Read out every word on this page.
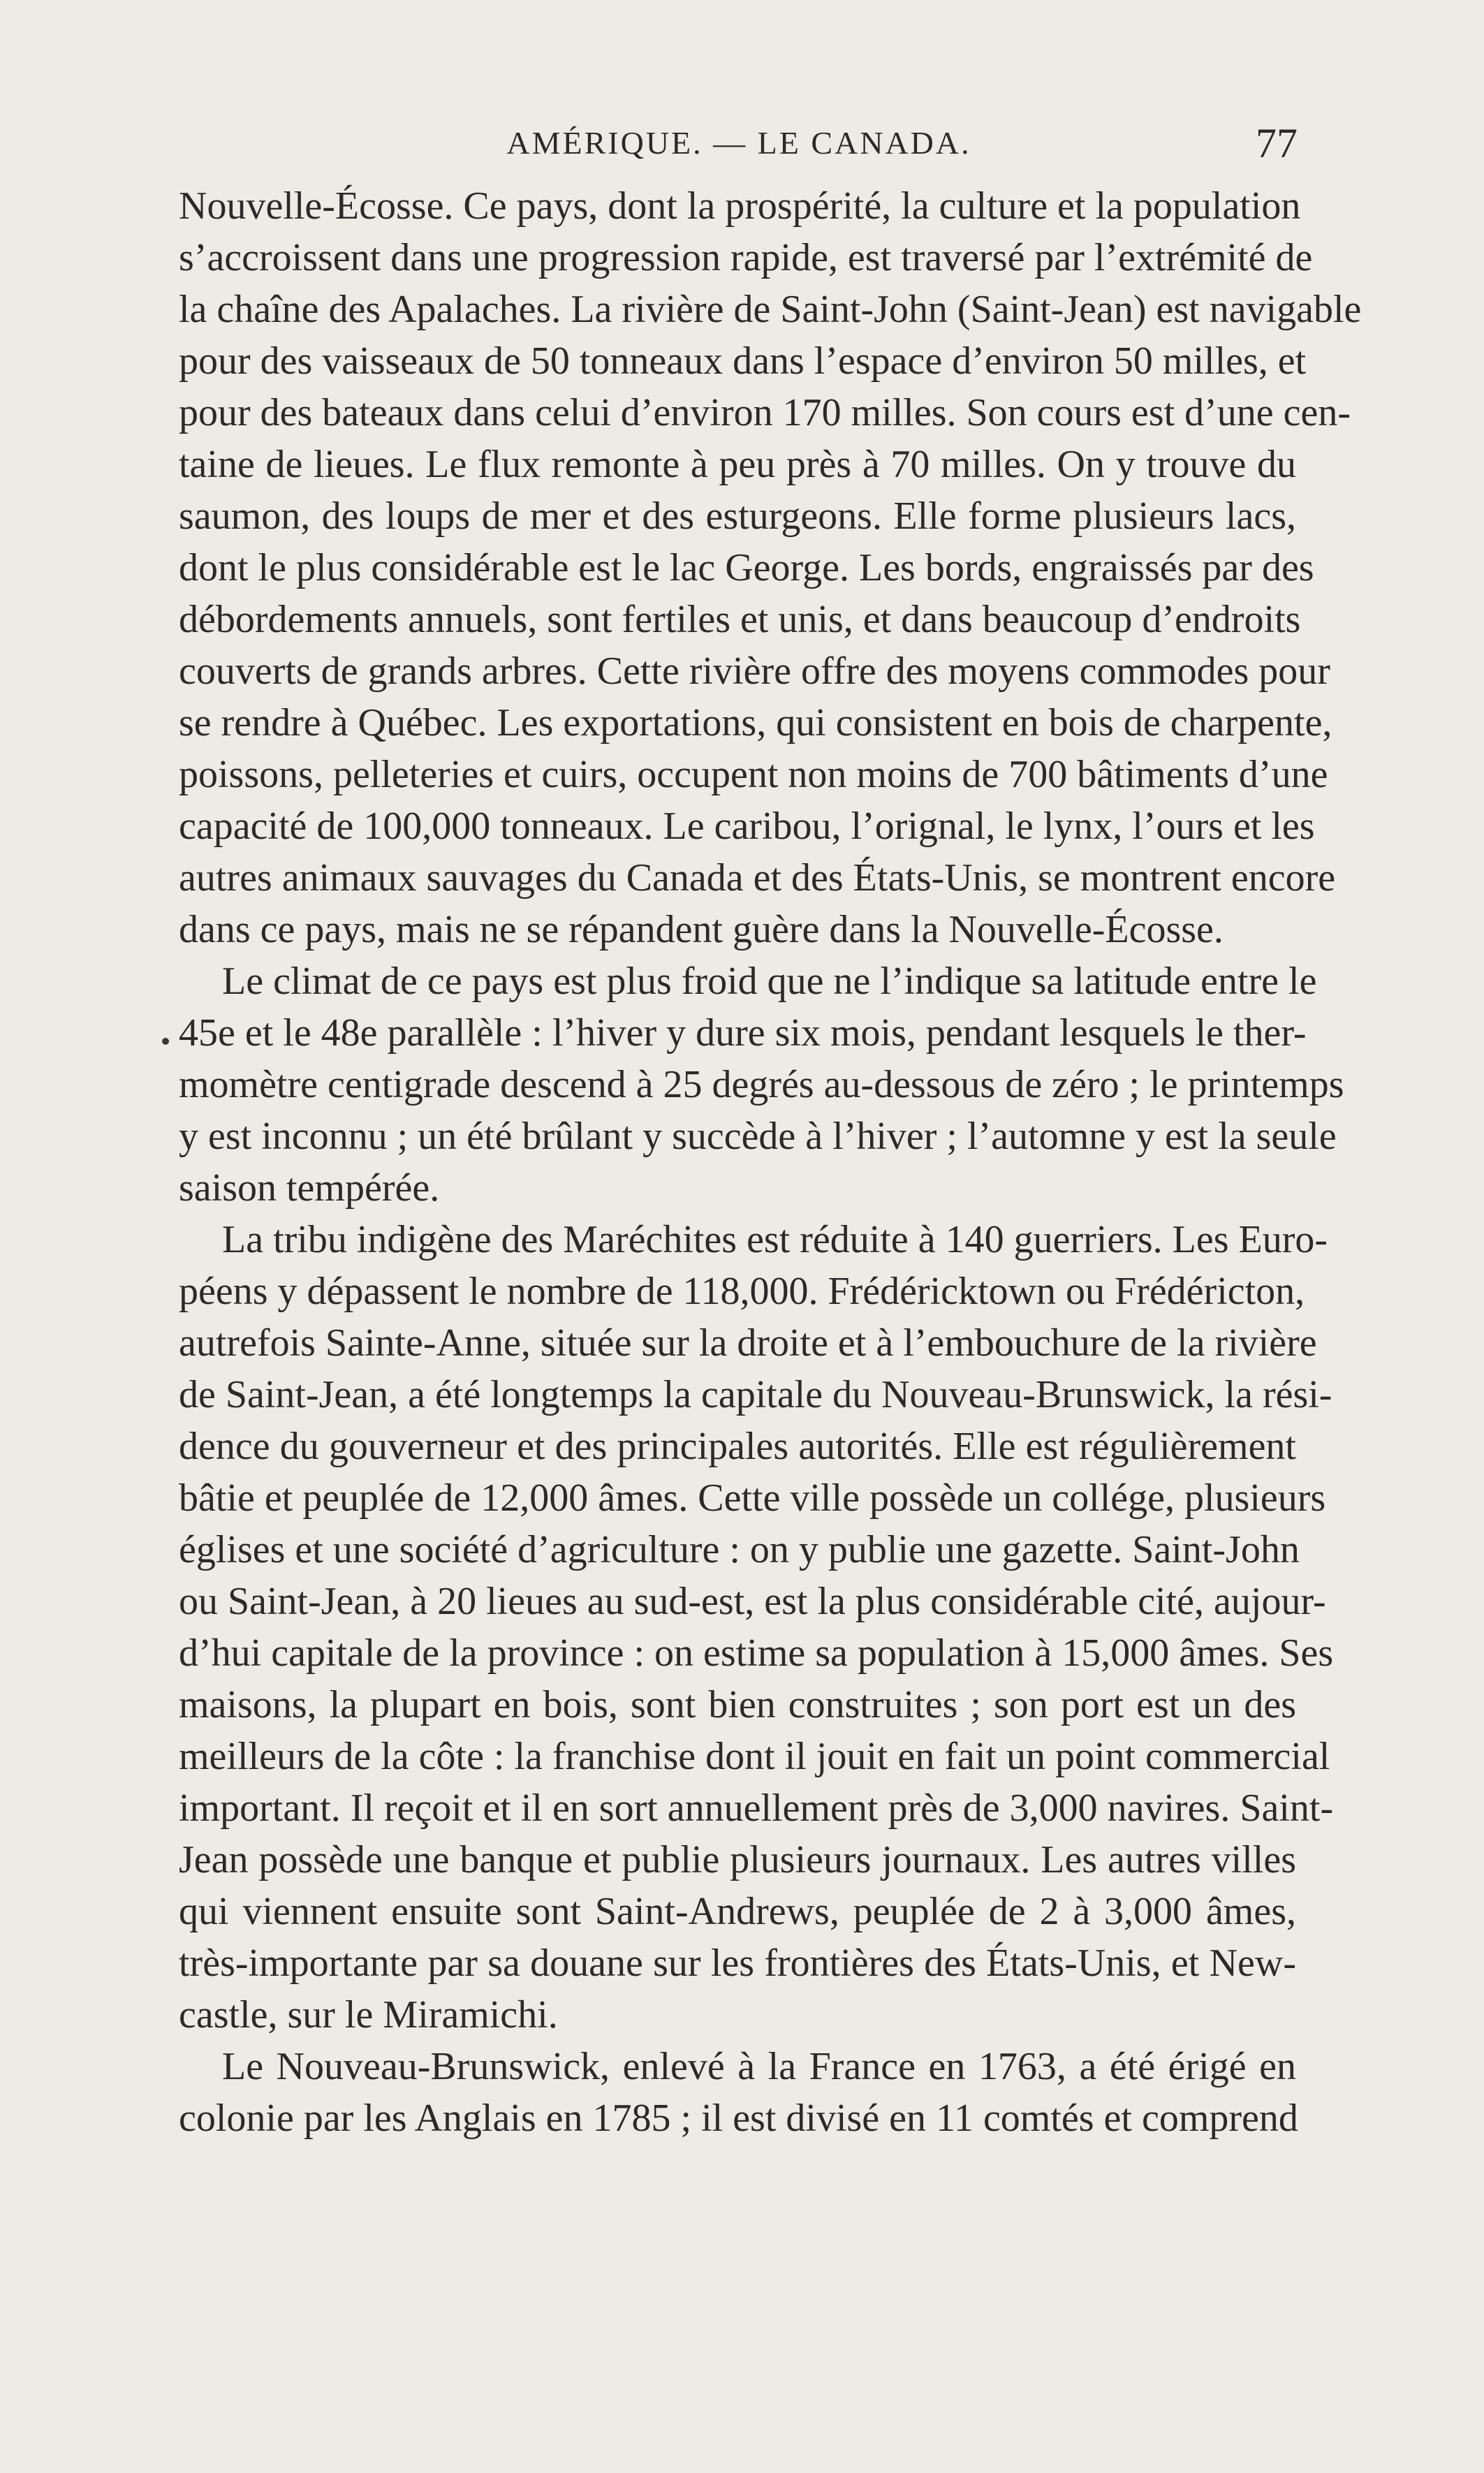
AMÉRIQUE. — LE CANADA.	77
Nouvelle-Écosse. Ce pays, dont la prospérité, la culture et la population
s’accroissent dans une progression rapide, est traversé par l’extrémité de
la chaîne des Apalaches. La rivière de Saint-John (Saint-Jean) est navigable
pour des vaisseaux de 50 tonneaux dans l’espace d’environ 50 milles, et
pour des bateaux dans celui d’environ 170 milles. Son cours est d’une cen-
taine de lieues. Le flux remonte à peu près à 70 milles. On y trouve du
saumon, des loups de mer et des esturgeons. Elle forme plusieurs lacs,
dont le plus considérable est le lac George. Les bords, engraissés par des
débordements annuels, sont fertiles et unis, et dans beaucoup d’endroits
couverts de grands arbres. Cette rivière offre des moyens commodes pour
se rendre à Québec. Les exportations, qui consistent en bois de charpente,
poissons, pelleteries et cuirs, occupent non moins de 700 bâtiments d’une
capacité de 100,000 tonneaux. Le caribou, l’orignal, le lynx, l’ours et les
autres animaux sauvages du Canada et des États-Unis, se montrent encore
dans ce pays, mais ne se répandent guère dans la Nouvelle-Écosse.
Le climat de ce pays est plus froid que ne l’indique sa latitude entre le
45e et le 48e parallèle : l’hiver y dure six mois, pendant lesquels le ther-
momètre centigrade descend à 25 degrés au-dessous de zéro ; le printemps
y est inconnu ; un été brûlant y succède à l’hiver ; l’automne y est la seule
saison tempérée.
La tribu indigène des Maréchites est réduite à 140 guerriers. Les Euro-
péens y dépassent le nombre de 118,000. Frédéricktown ou Frédéricton,
autrefois Sainte-Anne, située sur la droite et à l’embouchure de la rivière
de Saint-Jean, a été longtemps la capitale du Nouveau-Brunswick, la rési-
dence du gouverneur et des principales autorités. Elle est régulièrement
bâtie et peuplée de 12,000 âmes. Cette ville possède un collége, plusieurs
églises et une société d’agriculture : on y publie une gazette. Saint-John
ou Saint-Jean, à 20 lieues au sud-est, est la plus considérable cité, aujour-
d’hui capitale de la province : on estime sa population à 15,000 âmes. Ses
maisons, la plupart en bois, sont bien construites ; son port est un des
meilleurs de la côte : la franchise dont il jouit en fait un point commercial
important. Il reçoit et il en sort annuellement près de 3,000 navires. Saint-
Jean possède une banque et publie plusieurs journaux. Les autres villes
qui viennent ensuite sont Saint-Andrews, peuplée de 2 à 3,000 âmes,
très-importante par sa douane sur les frontières des États-Unis, et New-
castle, sur le Miramichi.
Le Nouveau-Brunswick, enlevé à la France en 1763, a été érigé en
colonie par les Anglais en 1785 ; il est divisé en 11 comtés et comprend
